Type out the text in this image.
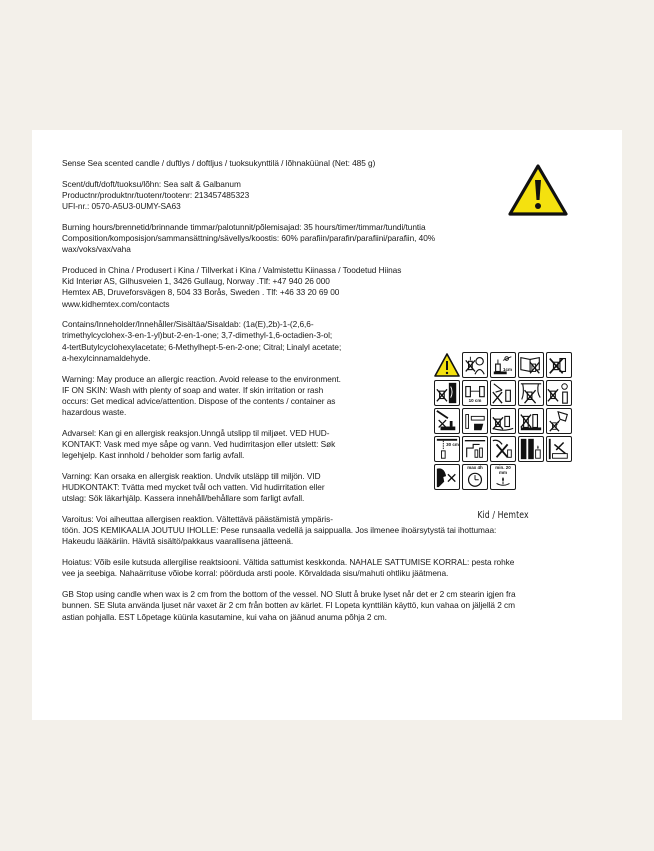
Sense Sea scented candle / duftlys / doftljus / tuoksukynttilä / lõhnaküünal (Net: 485 g)

Scent/duft/doft/tuoksu/lõhn: Sea salt & Galbanum
Productnr/produktnr/tuotenr/tootenr: 213457485323
UFI-nr.: 0570-A5U3-0UMY-SA63

Burning hours/brennetid/brinnande timmar/palotunnit/põlemisajad: 35 hours/timer/timmar/tundi/tuntia
Composition/komposisjon/sammansättning/sävellys/koostis: 60% parafiin/parafin/parafiini/parafiin, 40%
wax/voks/vax/vaha

Produced in China / Produsert i Kina / Tillverkat i Kina / Valmistettu Kiinassa / Toodetud Hiinas
Kid Interiør AS, Gilhusveien 1, 3426 Gullaug, Norway .Tlf: +47 940 26 000
Hemtex AB, Druveforsvägen 8, 504 33 Borås, Sweden . Tlf: +46 33 20 69 00
www.kidhemtex.com/contacts

Contains/Inneholder/Innehåller/Sisältäa/Sisaldab: (1a(E),2b)-1-(2,6,6-
trimethylcyclohex-3-en-1-yl)but-2-en-1-one; 3,7-dimethyl-1,6-octadien-3-ol;
4-tertButylcyclohexylacetate; 6-Methylhept-5-en-2-one; Citral; Linalyl acetate;
a-hexylcinnamaldehyde.

Warning: May produce an allergic reaction. Avoid release to the environment.
IF ON SKIN: Wash with plenty of soap and water. If skin irritation or rash
occurs: Get medical advice/attention. Dispose of the contents / container as
hazardous waste.

Advarsel: Kan gi en allergisk reaksjon.Unngå utslipp til miljøet. VED HUD-
KONTAKT: Vask med mye såpe og vann. Ved hudirritasjon eller utslett: Søk
legehjelp. Kast innhold / beholder som farlig avfall.

Varning: Kan orsaka en allergisk reaktion. Undvik utsläpp till miljön. VID
HUDKONTAKT: Tvätta med mycket tvål och vatten. Vid hudirritation eller
utslag: Sök läkarhjälp. Kassera innehåll/behållare som farligt avfall.

Varoitus: Voi aiheuttaa allergisen reaktion. Vältettävä päästämistä ympäris-
töön. JOS KEMIKAALIA JOUTUU IHOLLE: Pese runsaalla vedellä ja saippualla. Jos ilmenee ihoärsytystä tai ihottumaa:
Hakeudu lääkäriin. Hävitä sisältö/pakkaus vaarallisena jätteenä.

Hoiatus: Võib esile kutsuda allergilise reaktsiooni. Vältida sattumist keskkonda. NAHALE SATTUMISE KORRAL: pesta rohke
vee ja seebiga. Nahaärrituse võiobe korral: pöörduda arsti poole. Kõrvaldada sisu/mahuti ohtliku jäätmena.

GB Stop using candle when wax is 2 cm from the bottom of the vessel. NO Slutt å bruke lyset når det er 2 cm stearin igjen fra
bunnen. SE Sluta använda ljuset när vaxet är 2 cm från botten av kärlet. FI Lopeta kynttilän käyttö, kun vahaa on jäljellä 2 cm
astian pohjalla. EST Lõpetage küünla kasutamine, kui vaha on jäänud anuma põhja 2 cm.

1cm
10 cm
30 cm
max 4h	min. 20 mm
Kid / Hemtex
